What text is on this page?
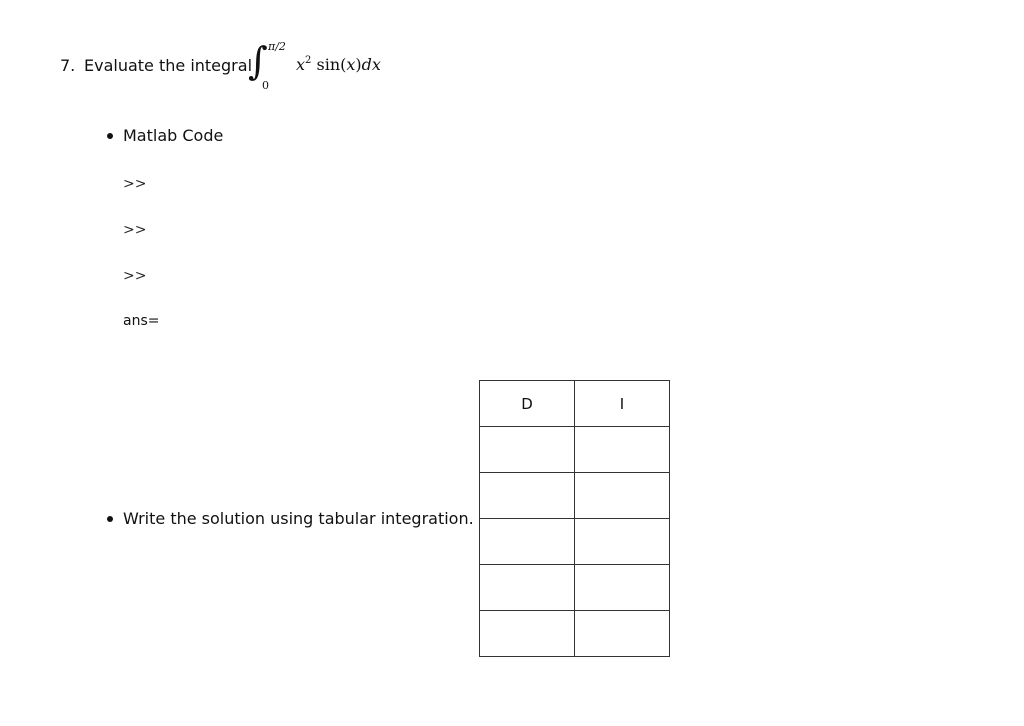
7. Evaluate the integral
∫ π/2
0
$x^2$ sin(x)dx
Matlab Code
>>
>>
>>
ans=
Write the solution using tabular integration.
D	I
